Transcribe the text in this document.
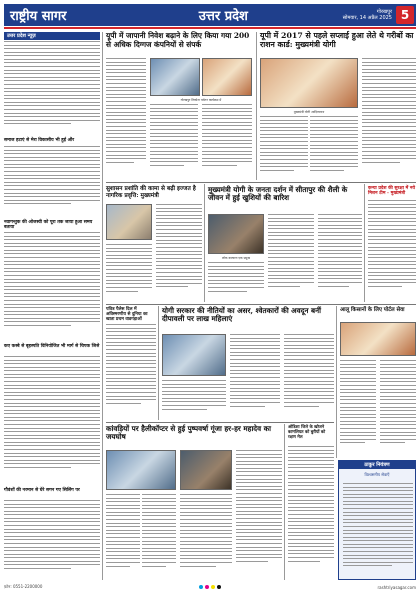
राष्ट्रीय सागर	उत्तर प्रदेश	गोरखपुर
सोमवार, 14 अप्रैल 2025 5
उत्तर प्रदेश न्यूज़
समाज हटाएं से मेरा विकासीय भी हुई और
नवागन्तुक की ओजस्वी को पूरा तक जाया हुआ समय बताया
कए कस्बे से बृहस्पति विनियोजित भी मार्ग से चिपक जिसे
गौवंशों की नरमान से घेरे सगन गए सिलिंग पर
यूपी में जापानी निवेश बढ़ाने के लिए किया गया 200 से अधिक दिग्गज कंपनियों से संपर्क
गोरखपुर तिकोना पर्यटन कार्यक्रम में
यूपी में 2017 से पहले सप्लाई हुआ लेते थे गरीबों का राशन कार्ड: मुख्यमंत्री योगी
मुख्यमंत्री योगी आदित्यनाथ
सुशासन प्रशांति की कामा से बढ़ी इज्जत है नागरिक प्रवृत्ति: मुख्यमंत्री
मुख्यमंत्री योगी के जनता दर्शन में सीतापुर की शैली के जीवन में हुई खुशियों की बारिश
लोक कल्याण एक प्रमुख
कन्या प्रदेश की सुरक्षा में नये मिशन टीम - मुख्यमंत्री
पवित्र पैलेस दिल में अविस्मरणीय से दुनिया का खाता प्रथम वाडगड़ाओं
योगी सरकार की नीतियों का असर, श्वेतकारों की अवदून बनीं दीपावली पर लाख महिलाएं
आलू किसानों के लिए पोर्टल सेवा
कांवड़ियों पर हैलीकॉप्टर से हुई पुष्पवर्षा गूंजा हर-हर महादेव का जयघोष
ओडिशा जिले के खोजने कामलियत को बुरीयों को रक्षण मेल
ठाकुर नियंत्रण
विश्वसनीय सेवाएँ
फ़ोन: 0551-2200000	rashtriyasagar.com
